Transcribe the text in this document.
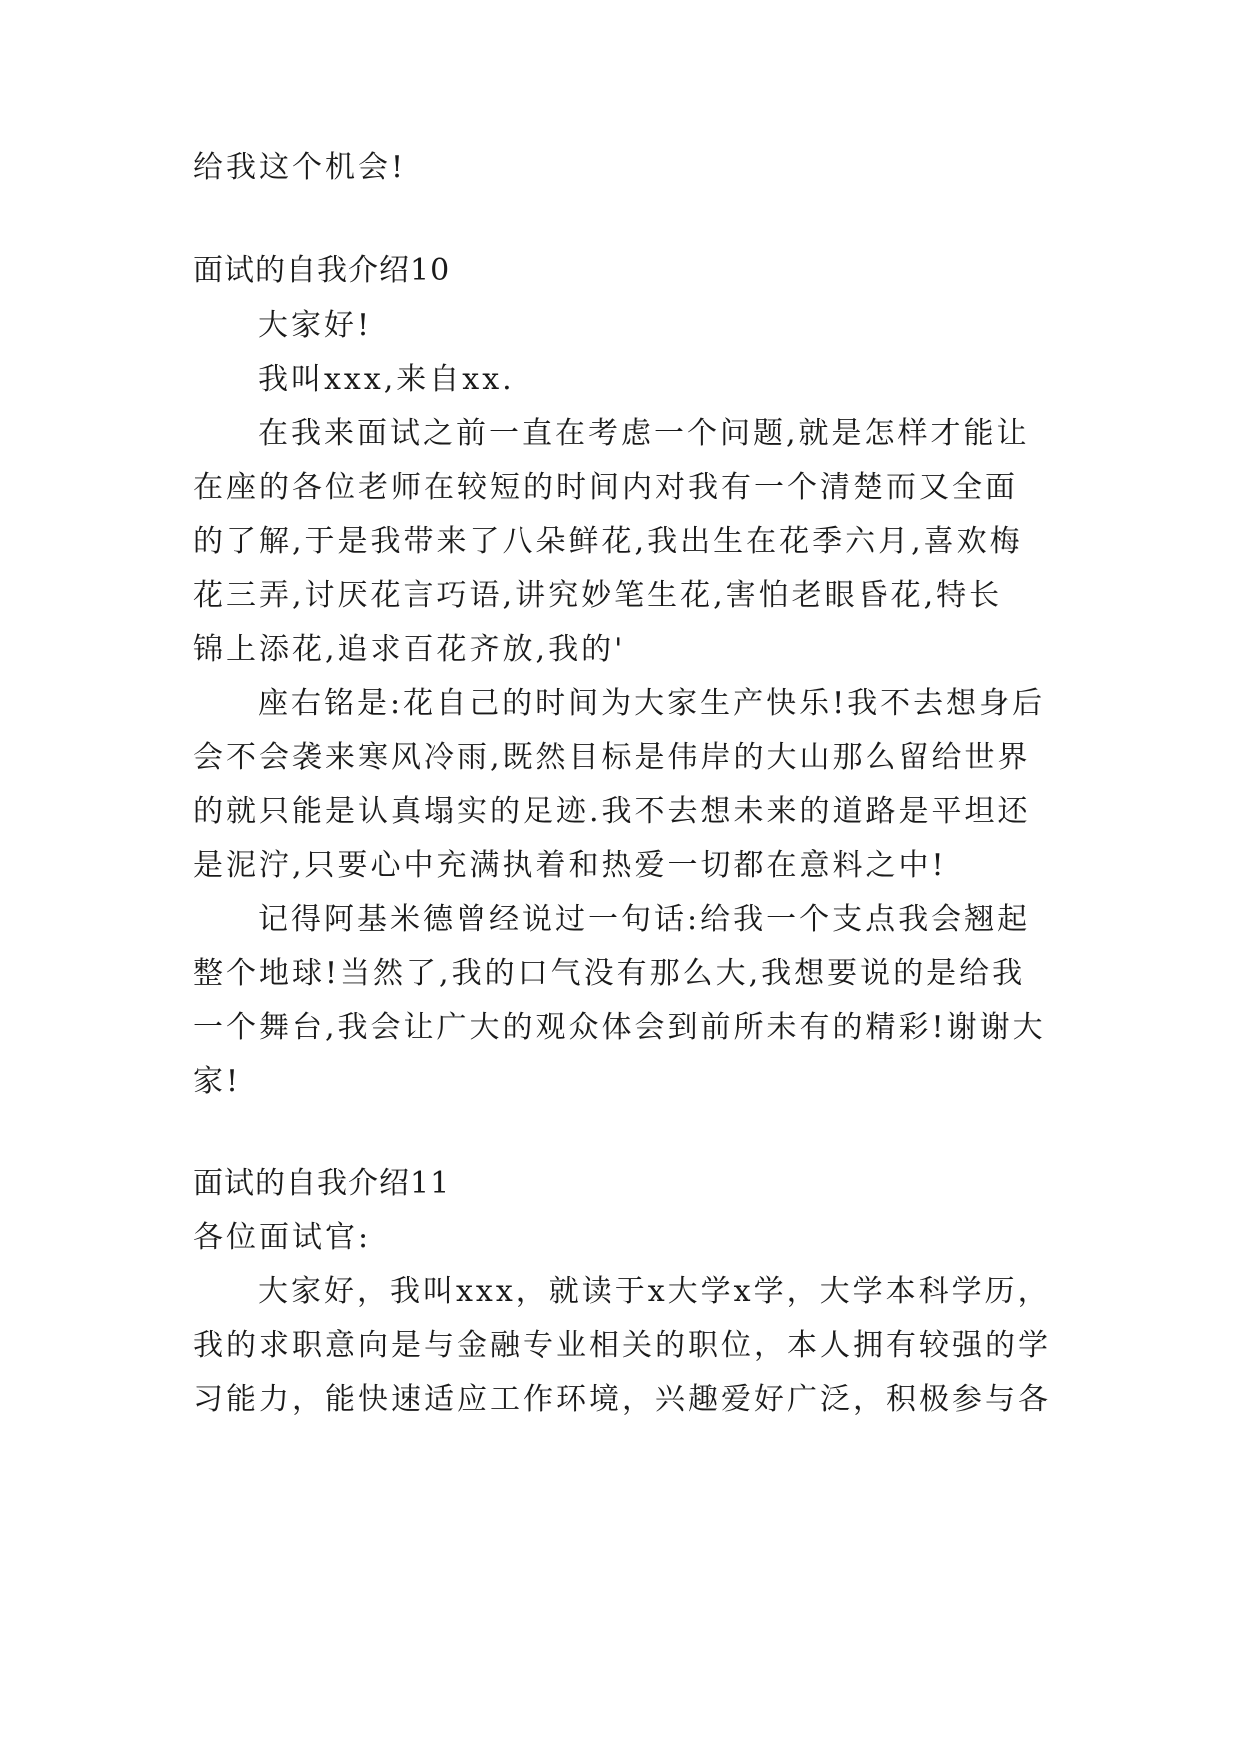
给我这个机会!
面试的自我介绍10
大家好!
我叫xxx,来自xx.
在我来面试之前一直在考虑一个问题,就是怎样才能让
在座的各位老师在较短的时间内对我有一个清楚而又全面
的了解,于是我带来了八朵鲜花,我出生在花季六月,喜欢梅
花三弄,讨厌花言巧语,讲究妙笔生花,害怕老眼昏花,特长
锦上添花,追求百花齐放,我的'
座右铭是:花自己的时间为大家生产快乐!我不去想身后
会不会袭来寒风冷雨,既然目标是伟岸的大山那么留给世界
的就只能是认真塌实的足迹.我不去想未来的道路是平坦还
是泥泞,只要心中充满执着和热爱一切都在意料之中!
记得阿基米德曾经说过一句话:给我一个支点我会翘起
整个地球!当然了,我的口气没有那么大,我想要说的是给我
一个舞台,我会让广大的观众体会到前所未有的精彩!谢谢大
家!
面试的自我介绍11
各位面试官:
大家好，我叫xxx，就读于x大学x学，大学本科学历，
我的求职意向是与金融专业相关的职位，本人拥有较强的学
习能力，能快速适应工作环境，兴趣爱好广泛，积极参与各
